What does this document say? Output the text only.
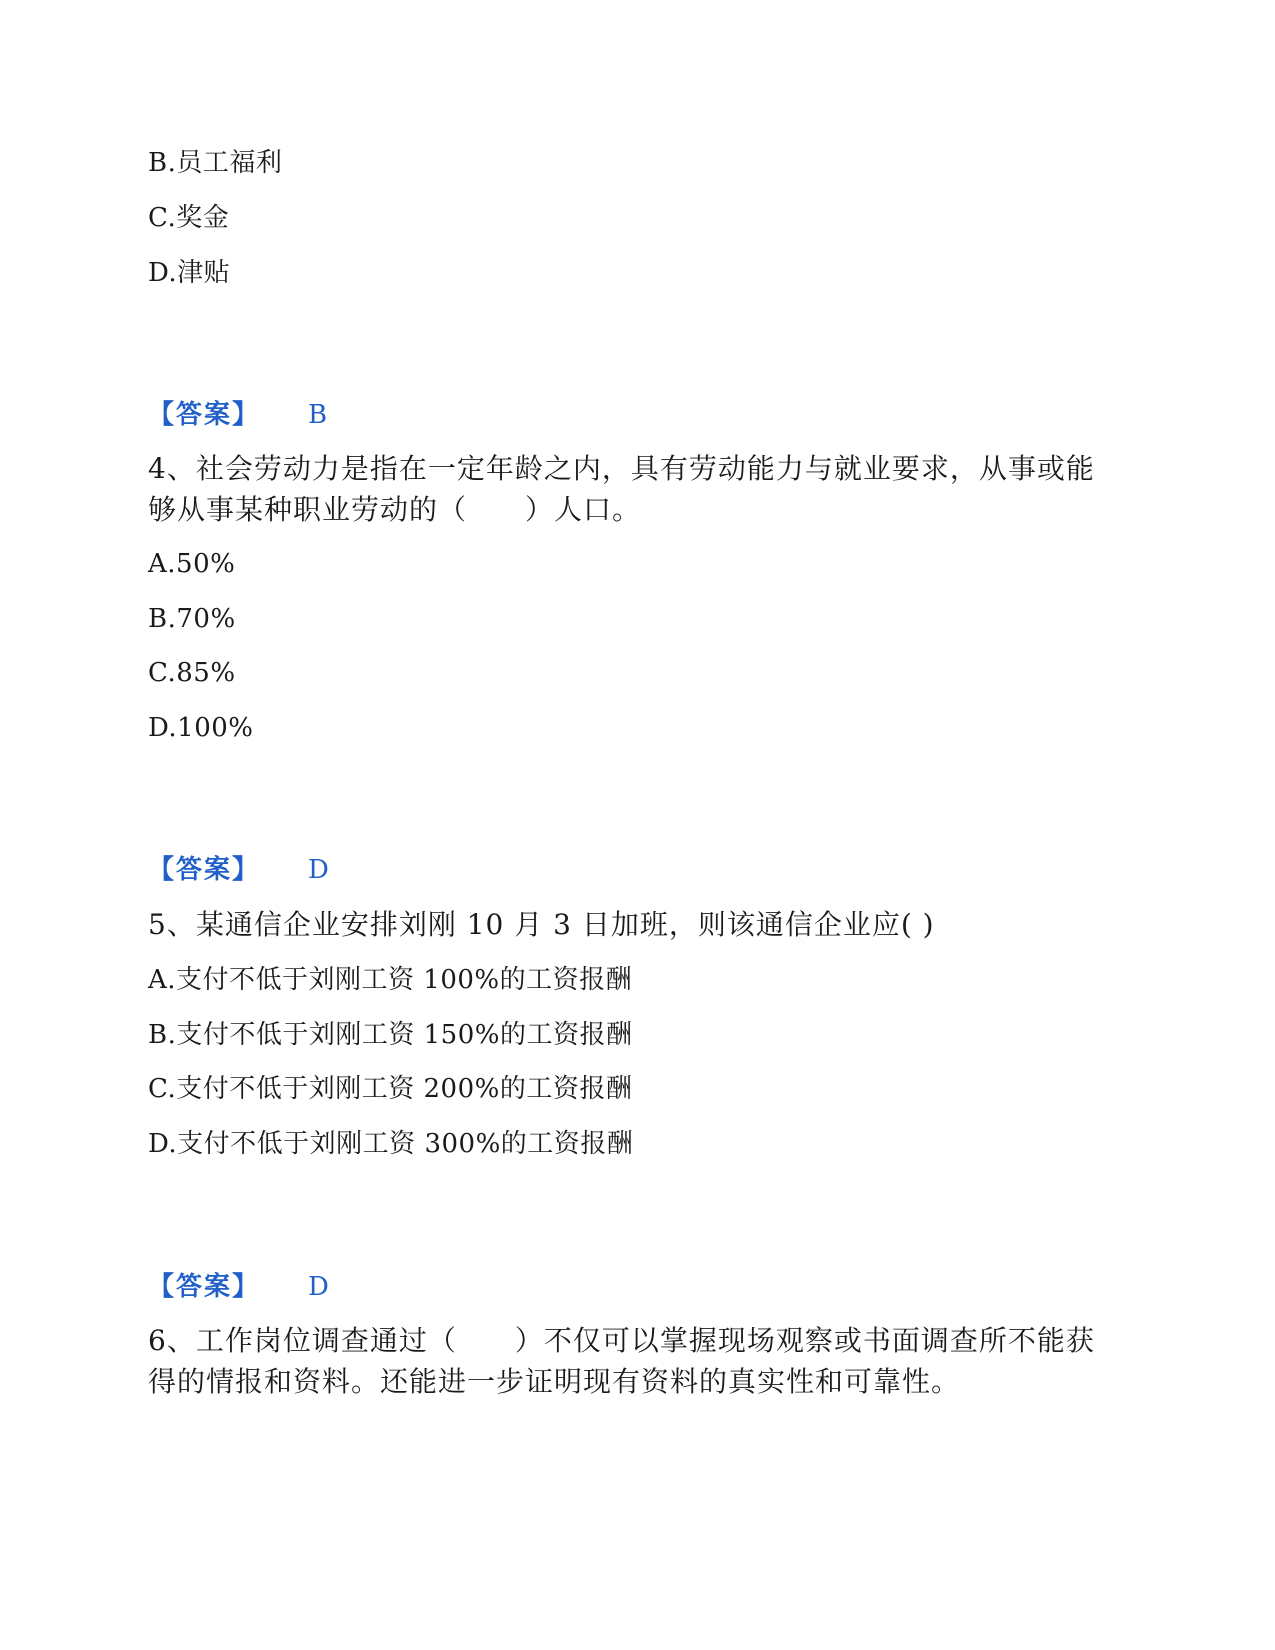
B.员工福利
C.奖金
D.津贴
【答案】 B
4、社会劳动力是指在一定年龄之内，具有劳动能力与就业要求，从事或能
够从事某种职业劳动的（　　）人口。
A.50%
B.70%
C.85%
D.100%
【答案】 D
5、某通信企业安排刘刚 10 月 3 日加班，则该通信企业应( )
A.支付不低于刘刚工资 100%的工资报酬
B.支付不低于刘刚工资 150%的工资报酬
C.支付不低于刘刚工资 200%的工资报酬
D.支付不低于刘刚工资 300%的工资报酬
【答案】 D
6、工作岗位调查通过（　　）不仅可以掌握现场观察或书面调查所不能获
得的情报和资料。还能进一步证明现有资料的真实性和可靠性。
